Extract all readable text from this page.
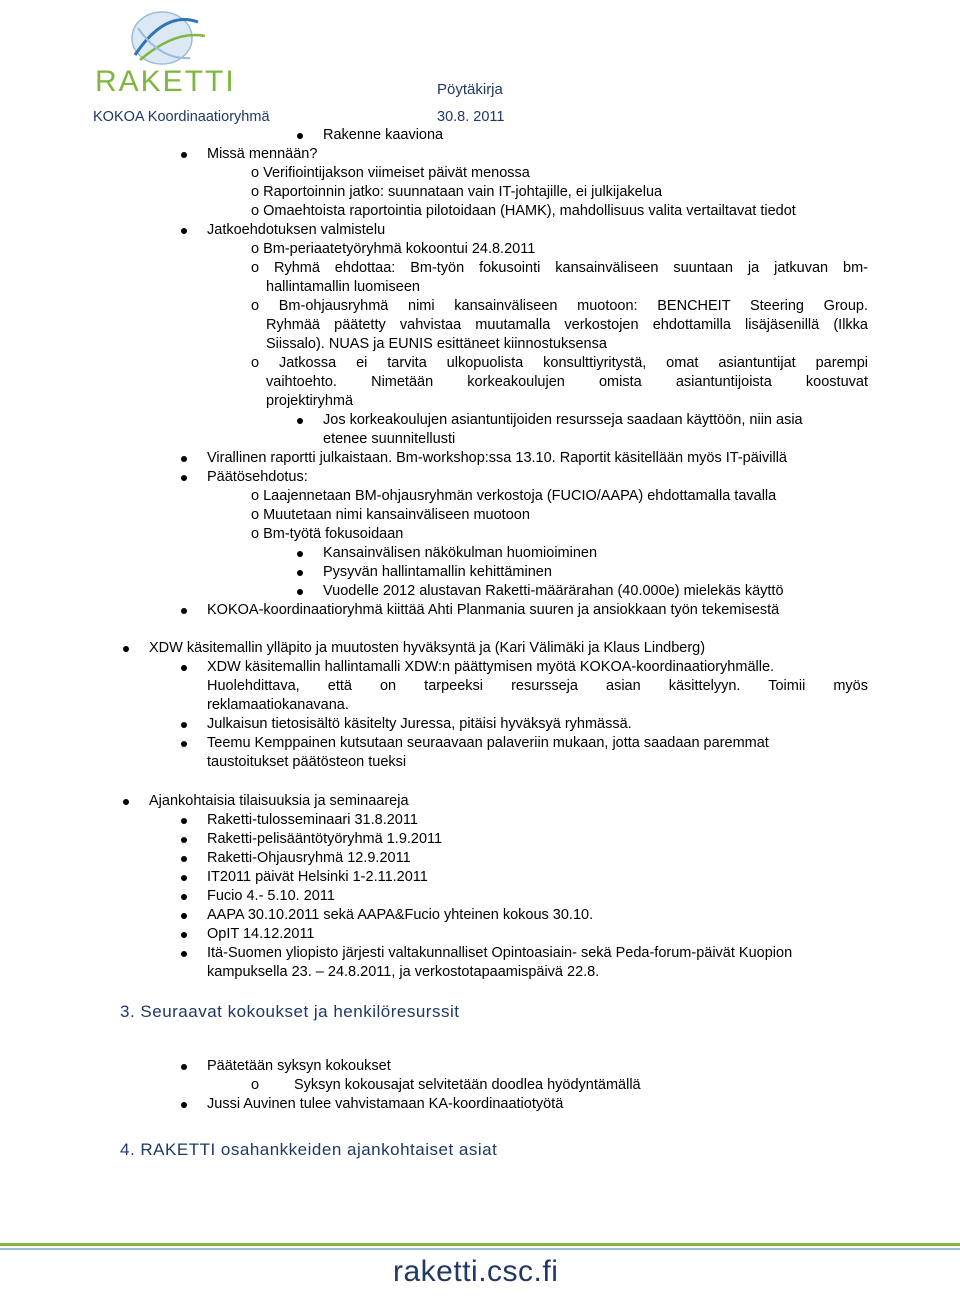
RAKETTI	Pöytäkirja
KOKOA Koordinaatioryhmä	30.8. 2011
Rakenne kaaviona
Missä mennään?
o Verifiointijakson viimeiset päivät menossa
o Raportoinnin jatko: suunnataan vain IT-johtajille, ei julkijakelua
o Omaehtoista raportointia pilotoidaan (HAMK), mahdollisuus valita vertailtavat tiedot
Jatkoehdotuksen valmistelu
o Bm-periaatetyöryhmä kokoontui 24.8.2011
o Ryhmä ehdottaa: Bm-työn fokusointi kansainväliseen suuntaan ja jatkuvan bm-
hallintamallin luomiseen
o Bm-ohjausryhmä nimi kansainväliseen muotoon: BENCHEIT Steering Group.
Ryhmää päätetty vahvistaa muutamalla verkostojen ehdottamilla lisäjäsenillä (Ilkka
Siissalo). NUAS ja EUNIS esittäneet kiinnostuksensa
o Jatkossa ei tarvita ulkopuolista konsulttiyritystä, omat asiantuntijat parempi
vaihtoehto. Nimetään korkeakoulujen omista asiantuntijoista koostuvat
projektiryhmä
Jos korkeakoulujen asiantuntijoiden resursseja saadaan käyttöön, niin asia
etenee suunnitellusti
Virallinen raportti julkaistaan. Bm-workshop:ssa 13.10. Raportit käsitellään myös IT-päivillä
Päätösehdotus:
o Laajennetaan BM-ohjausryhmän verkostoja (FUCIO/AAPA) ehdottamalla tavalla
o Muutetaan nimi kansainväliseen muotoon
o Bm-työtä fokusoidaan
Kansainvälisen näkökulman huomioiminen
Pysyvän hallintamallin kehittäminen
Vuodelle 2012 alustavan Raketti-määrärahan (40.000e) mielekäs käyttö
KOKOA-koordinaatioryhmä kiittää Ahti Planmania suuren ja ansiokkaan työn tekemisestä
XDW käsitemallin ylläpito ja muutosten hyväksyntä ja (Kari Välimäki ja Klaus Lindberg)
XDW käsitemallin hallintamalli XDW:n päättymisen myötä KOKOA-koordinaatioryhmälle.
Huolehdittava, että on tarpeeksi resursseja asian käsittelyyn. Toimii myös
reklamaatiokanavana.
Julkaisun tietosisältö käsitelty Juressa, pitäisi hyväksyä ryhmässä.
Teemu Kemppainen kutsutaan seuraavaan palaveriin mukaan, jotta saadaan paremmat
taustoitukset päätösteon tueksi
Ajankohtaisia tilaisuuksia ja seminaareja
Raketti-tulosseminaari 31.8.2011
Raketti-pelisääntötyöryhmä 1.9.2011
Raketti-Ohjausryhmä 12.9.2011
IT2011 päivät Helsinki 1-2.11.2011
Fucio 4.- 5.10. 2011
AAPA 30.10.2011 sekä AAPA&Fucio yhteinen kokous 30.10.
OpIT 14.12.2011
Itä-Suomen yliopisto järjesti valtakunnalliset Opintoasiain- sekä Peda-forum-päivät Kuopion
kampuksella 23. – 24.8.2011, ja verkostotapaamispäivä 22.8.
3. Seuraavat kokoukset ja henkilöresurssit
Päätetään syksyn kokoukset
o Syksyn kokousajat selvitetään doodlea hyödyntämällä
Jussi Auvinen tulee vahvistamaan KA-koordinaatiotyötä
4. RAKETTI osahankkeiden ajankohtaiset asiat
raketti.csc.fi
